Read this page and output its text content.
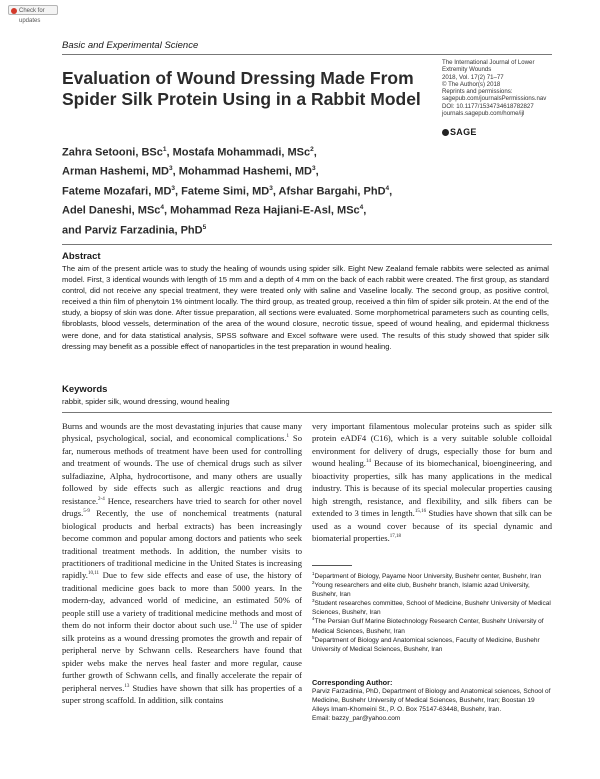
Check for updates
Basic and Experimental Science
Evaluation of Wound Dressing Made From Spider Silk Protein Using in a Rabbit Model
The International Journal of Lower
Extremity Wounds
2018, Vol. 17(2) 71–77
© The Author(s) 2018
Reprints and permissions:
sagepub.com/journalsPermissions.nav
DOI: 10.1177/1534734618782827
journals.sagepub.com/home/ijl
SAGE
Zahra Setooni, BSc$^1$, Mostafa Mohammadi, MSc$^2$,
Arman Hashemi, $MD^3$, Mohammad Hashemi, $MD^3$,
Fateme Mozafari, $MD^3$, Fateme Simi, $MD^3$, Afshar Bargahi, PhD$^4$,
Adel Daneshi, MSc$^4$, Mohammad Reza Hajiani-E-Asl, MSc$^4$,
and Parviz Farzadinia, PhD$^5$
Abstract
The aim of the present article was to study the healing of wounds using spider silk. Eight New Zealand female rabbits were selected as animal model. First, 3 identical wounds with length of 15 mm and a depth of 4 mm on the back of each rabbit were created. The first group, as standard control, did not receive any special treatment, they were treated only with saline and Vaseline locally. The second group, as positive control, received a thin film of phenytoin 1% ointment locally. The third group, as treated group, received a thin film of spider silk protein. At the end of the study, a biopsy of skin was done. After tissue preparation, all sections were evaluated. Some morphometrical parameters such as counting cells, fibroblasts, blood vessels, determination of the area of the wound closure, necrotic tissue, speed of wound healing, and epidermal thickness were done, and for data statistical analysis, SPSS software and Excel software were used. The results of this study showed that spider silk dressing may benefit as a possible effect of nanoparticles in the test preparation in wound healing.
Keywords
rabbit, spider silk, wound dressing, wound healing
Burns and wounds are the most devastating injuries that cause many physical, psychological, social, and economical complications.$^1$ So far, numerous methods of treatment have been used for controlling and treatment of wounds. The use of chemical drugs such as silver sulfadiazine, Alpha, hydrocortisone, and many others are usually followed by side effects such as allergic reactions and drug resistance.$^{2-4}$ Hence, researchers have tried to search for other novel drugs.$^{5-9}$ Recently, the use of nonchemical treatments (natural biological products and herbal extracts) has been increasingly become common and popular among doctors and patients who seek traditional treatment methods. In addition, the number visits to practitioners of traditional medicine in the United States is increasing rapidly.$^{10,11}$ Due to few side effects and ease of use, the history of traditional medicine goes back to more than 5000 years. In the modern-day, advanced world of medicine, an estimated 50% of people still use a variety of traditional medicine methods and most of them do not inform their doctor about such use.$^{12}$ The use of spider silk proteins as a wound dressing promotes the growth and repair of peripheral nerve by Schwann cells. Researchers have found that spider webs make the nerves heal faster and more regular, cause further growth of Schwann cells, and finally accelerate the repair of peripheral nerves.$^{13}$ Studies have shown that silk has properties of a super strong scaffold. In addition, silk contains
very important filamentous molecular proteins such as spider silk protein eADF4 (C16), which is a very suitable soluble colloidal environment for delivery of drugs, especially those for burn and wound healing.$^{14}$ Because of its biomechanical, bioengineering, and bioactivity properties, silk has many applications in the medical industry. This is because of its special molecular properties causing high strength, resistance, and flexibility, and silk fibers can be extended to 3 times in length.$^{15,16}$ Studies have shown that silk can be used as a wound cover because of its special dynamic and biomaterial properties.$^{17,18}$

$^1$Department of Biology, Payame Noor University, Bushehr center, Bushehr, Iran

$^2$Young researchers and elite club, Bushehr branch, Islamic azad University, Bushehr, Iran

$^3$Student researches committee, School of Medicine, Bushehr University of Medical Sciences, Bushehr, Iran

$^4$The Persian Gulf Marine Biotechnology Research Center, Bushehr University of Medical Sciences, Bushehr, Iran

$^5$Department of Biology and Anatomical sciences, Faculty of Medicine, Bushehr University of Medical Sciences, Bushehr, Iran

Corresponding Author:
Parviz Farzadinia, PhD, Department of Biology and Anatomical sciences, School of Medicine, Bushehr University of Medical Sciences, Bushehr, Iran; Boostan 19 Alleys Imam-Khomeini St., P. O. Box 75147-63448, Bushehr, Iran.
Email: bazzy_par@yahoo.com
